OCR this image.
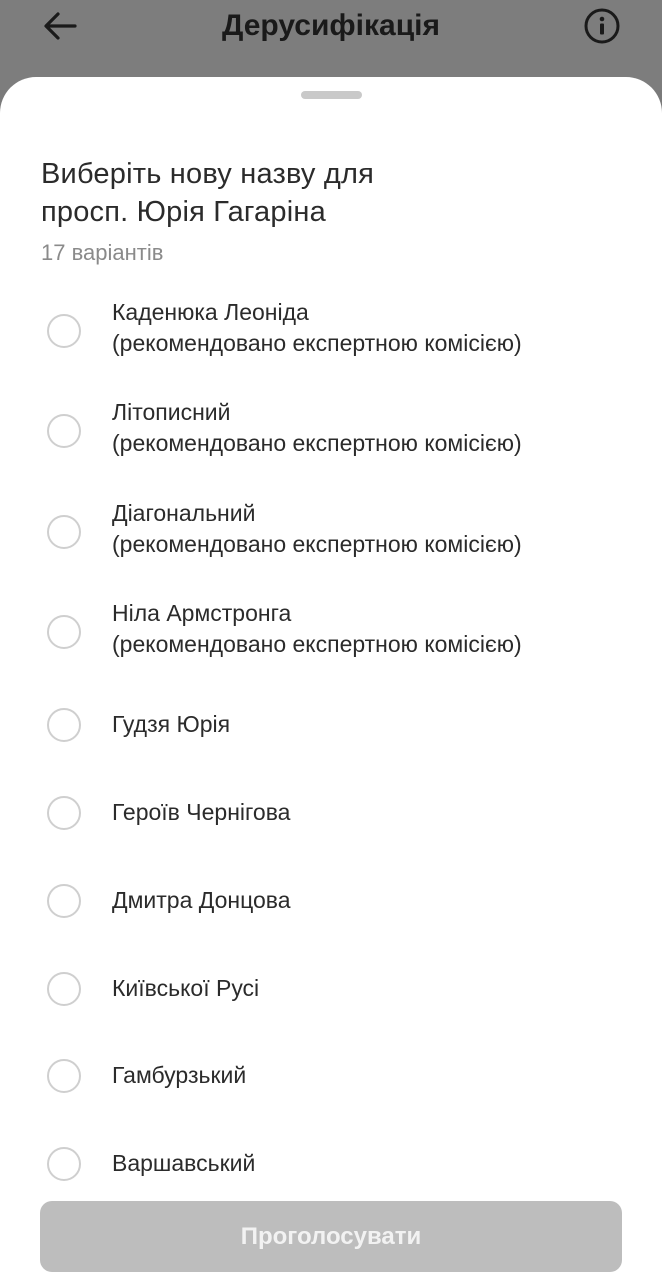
Дерусифікація
Виберіть нову назву для
просп. Юрія Гагаріна
17 варіантів
Каденюка Леоніда
(рекомендовано експертною комісією)
Літописний
(рекомендовано експертною комісією)
Діагональний
(рекомендовано експертною комісією)
Ніла Армстронга
(рекомендовано експертною комісією)
Гудзя Юрія
Героїв Чернігова
Дмитра Донцова
Київської Русі
Гамбурзький
Варшавський
Проголосувати
